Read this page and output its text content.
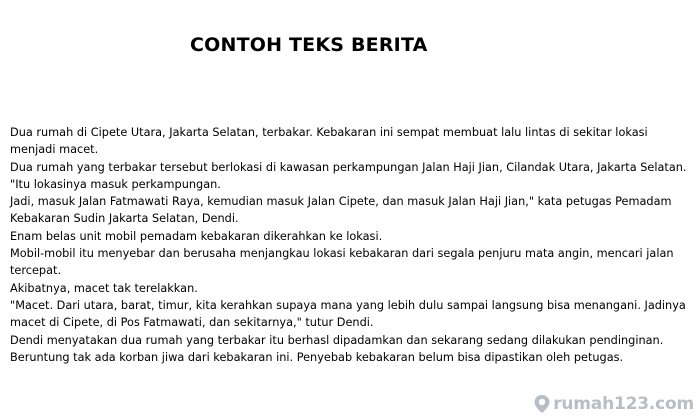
CONTOH TEKS BERITA

Dua rumah di Cipete Utara, Jakarta Selatan, terbakar. Kebakaran ini sempat membuat lalu lintas di sekitar lokasi menjadi macet.

Dua rumah yang terbakar tersebut berlokasi di kawasan perkampungan Jalan Haji Jian, Cilandak Utara, Jakarta Selatan.

"Itu lokasinya masuk perkampungan.

Jadi, masuk Jalan Fatmawati Raya, kemudian masuk Jalan Cipete, dan masuk Jalan Haji Jian," kata petugas Pemadam Kebakaran Sudin Jakarta Selatan, Dendi.

Enam belas unit mobil pemadam kebakaran dikerahkan ke lokasi.

Mobil-mobil itu menyebar dan berusaha menjangkau lokasi kebakaran dari segala penjuru mata angin, mencari jalan tercepat.

Akibatnya, macet tak terelakkan.

"Macet. Dari utara, barat, timur, kita kerahkan supaya mana yang lebih dulu sampai langsung bisa menangani. Jadinya macet di Cipete, di Pos Fatmawati, dan sekitarnya," tutur Dendi.

Dendi menyatakan dua rumah yang terbakar itu berhasl dipadamkan dan sekarang sedang dilakukan pendinginan.

Beruntung tak ada korban jiwa dari kebakaran ini. Penyebab kebakaran belum bisa dipastikan oleh petugas.

rumah123.com
